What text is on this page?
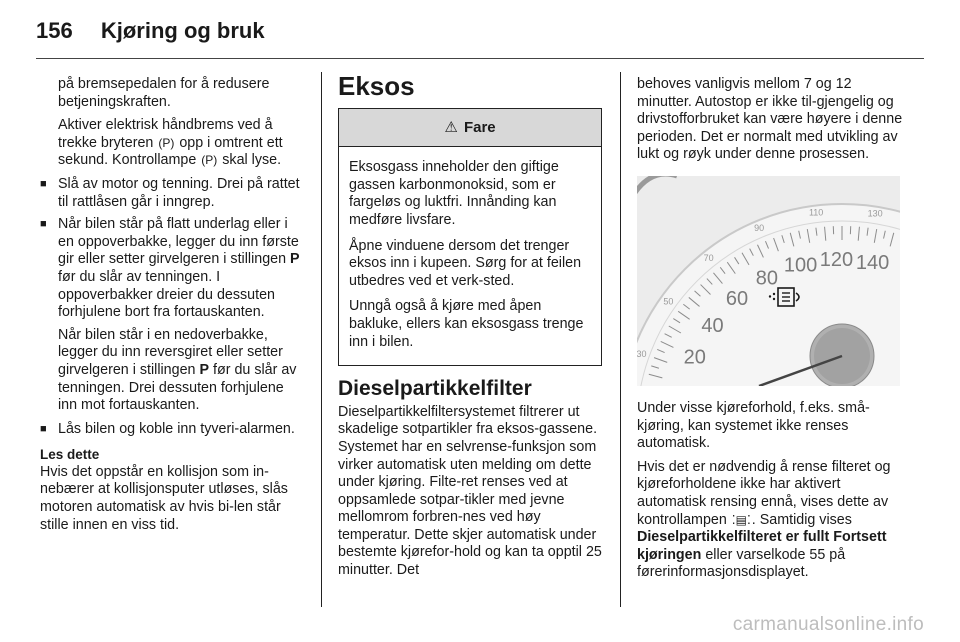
156 Kjøring og bruk

på bremsepedalen for å redusere betjeningskraften.

Aktiver elektrisk håndbrems ved å trekke bryteren (P) opp i omtrent ett sekund. Kontrollampe (P) skal lyse.

■ Slå av motor og tenning. Drei på rattet til rattlåsen går i inngrep.

■ Når bilen står på flatt underlag eller i en oppoverbakke, legger du inn første gir eller setter girvelgeren i stillingen P før du slår av tenningen. I oppoverbakker dreier du dessuten forhjulene bort fra fortauskanten.

Når bilen står i en nedoverbakke, legger du inn reversgiret eller setter girvelgeren i stillingen P før du slår av tenningen. Drei dessuten forhjulene inn mot fortauskanten.

■ Lås bilen og koble inn tyveri-alarmen.

Les dette

Hvis det oppstår en kollisjon som in-nebærer at kollisjonsputer utløses, slås motoren automatisk av hvis bi-len står stille innen en viss tid.

Eksos
⚠ Fare

Eksosgass inneholder den giftige gassen karbonmonoksid, som er fargeløs og luktfri. Innånding kan medføre livsfare.

Åpne vinduene dersom det trenger eksos inn i kupeen. Sørg for at feilen utbedres ved et verk-sted.

Unngå også å kjøre med åpen bakluke, ellers kan eksosgass trenge inn i bilen.

Dieselpartikkelfilter

Dieselpartikkelfiltersystemet filtrerer ut skadelige sotpartikler fra eksos-gassene. Systemet har en selvrense-funksjon som virker automatisk uten melding om dette under kjøring. Filte-ret renses ved at oppsamlede sotpar-tikler med jevne mellomrom forbren-nes ved høy temperatur. Dette skjer automatisk under bestemte kjørefor-hold og kan ta opptil 25 minutter. Det

behoves vanligvis mellom 7 og 12 minutter. Autostop er ikke til-gjengelig og drivstofforbruket kan være høyere i denne perioden. Det er normalt med utvikling av lukt og røyk under denne prosessen.

20
40
60
80
100 120 140
30
50
70
90
110	130

Under visse kjøreforhold, f.eks. små-kjøring, kan systemet ikke renses automatisk.

Hvis det er nødvendig å rense filteret og kjøreforholdene ikke har aktivert automatisk rensing ennå, vises dette av kontrollampen ⁚▤⁚. Samtidig vises Dieselpartikkelfilteret er fullt Fortsett kjøringen eller varselkode 55 på førerinformasjonsdisplayet.

carmanualsonline.info
